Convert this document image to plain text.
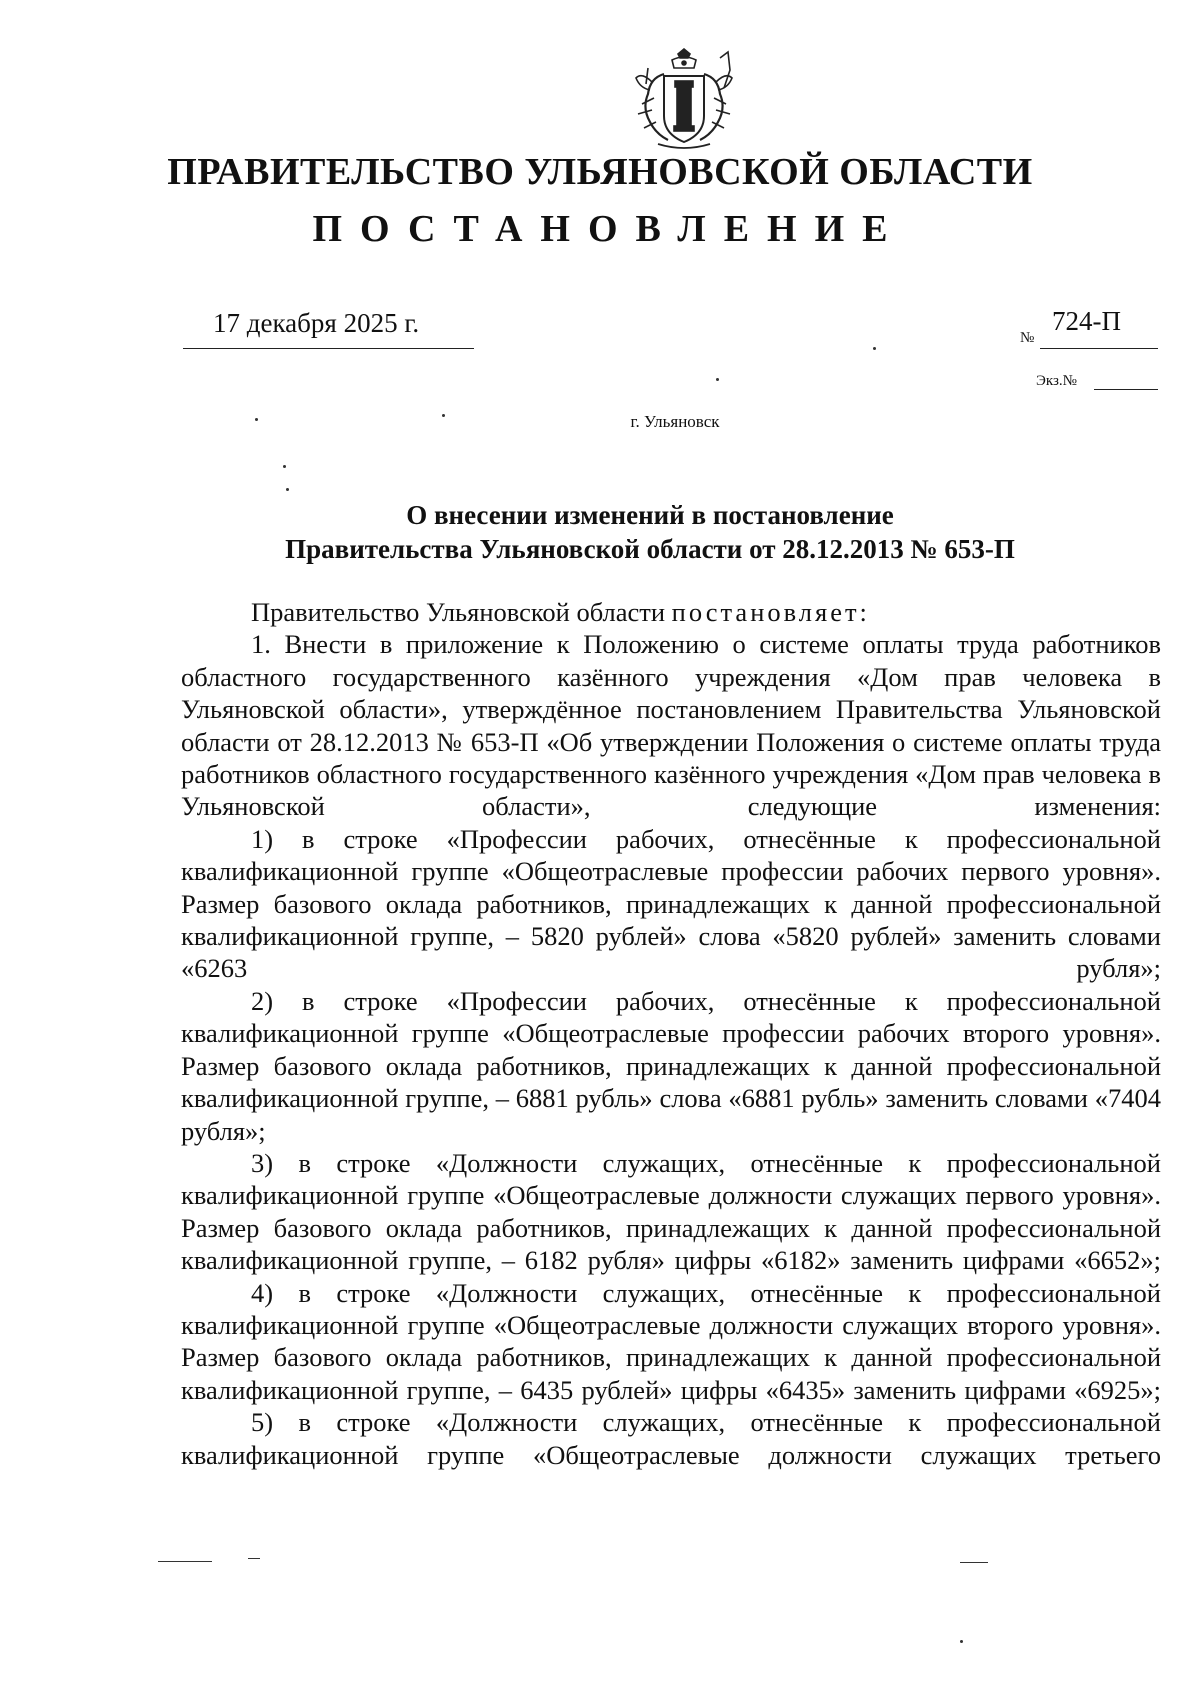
ПРАВИТЕЛЬСТВО УЛЬЯНОВСКОЙ ОБЛАСТИ
ПОСТАНОВЛЕНИЕ
17 декабря 2025 г.	№
724-П
Экз.№
г. Ульяновск
О внесении изменений в постановление
Правительства Ульяновской области от 28.12.2013 № 653-П

Правительство Ульяновской области постановляет:

1. Внести в приложение к Положению о системе оплаты труда работников областного государственного казённого учреждения «Дом прав человека в Ульяновской области», утверждённое постановлением Правительства Ульяновской области от 28.12.2013 № 653-П «Об утверждении Положения о системе оплаты труда работников областного государственного казённого учреждения «Дом прав человека в Ульяновской области», следующие изменения:

1) в строке «Профессии рабочих, отнесённые к профессиональной квалификационной группе «Общеотраслевые профессии рабочих первого уровня». Размер базового оклада работников, принадлежащих к данной профессиональной квалификационной группе, – 5820 рублей» слова «5820 рублей» заменить словами «6263 рубля»;

2) в строке «Профессии рабочих, отнесённые к профессиональной квалификационной группе «Общеотраслевые профессии рабочих второго уровня». Размер базового оклада работников, принадлежащих к данной профессиональной квалификационной группе, – 6881 рубль» слова «6881 рубль» заменить словами «7404 рубля»;

3) в строке «Должности служащих, отнесённые к профессиональной квалификационной группе «Общеотраслевые должности служащих первого уровня». Размер базового оклада работников, принадлежащих к данной профессиональной квалификационной группе, – 6182 рубля» цифры «6182» заменить цифрами «6652»;

4) в строке «Должности служащих, отнесённые к профессиональной квалификационной группе «Общеотраслевые должности служащих второго уровня». Размер базового оклада работников, принадлежащих к данной профессиональной квалификационной группе, – 6435 рублей» цифры «6435» заменить цифрами «6925»;

5) в строке «Должности служащих, отнесённые к профессиональной квалификационной группе «Общеотраслевые должности служащих третьего
